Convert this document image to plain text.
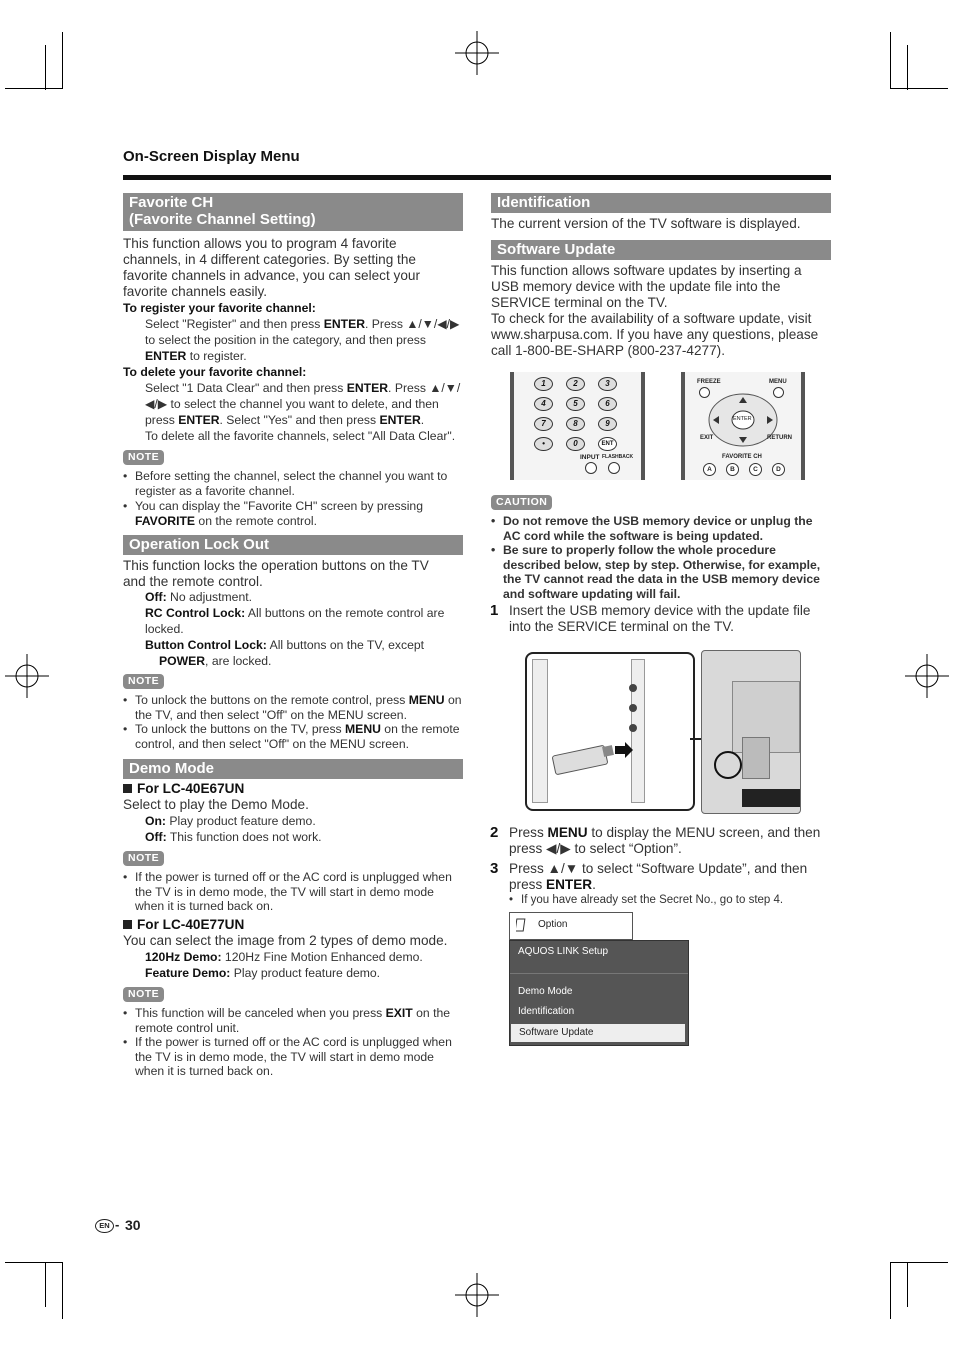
On-Screen Display Menu
Favorite CH
(Favorite Channel Setting)
This function allows you to program 4 favorite channels, in 4 different categories. By setting the favorite channels in advance, you can select your favorite channels easily.
To register your favorite channel:
Select "Register" and then press ENTER. Press ▲/▼/◀/▶ to select the position in the category, and then press ENTER to register.
To delete your favorite channel:
Select "1 Data Clear" and then press ENTER. Press ▲/▼/◀/▶ to select the channel you want to delete, and then press ENTER. Select "Yes" and then press ENTER.
To delete all the favorite channels, select "All Data Clear".
NOTE
• Before setting the channel, select the channel you want to register as a favorite channel.
• You can display the "Favorite CH" screen by pressing FAVORITE on the remote control.
Operation Lock Out
This function locks the operation buttons on the TV and the remote control.
Off: No adjustment.
RC Control Lock: All buttons on the remote control are locked.
Button Control Lock: All buttons on the TV, except
POWER, are locked.
NOTE
• To unlock the buttons on the remote control, press MENU on the TV, and then select "Off" on the MENU screen.
• To unlock the buttons on the TV, press MENU on the remote control, and then select "Off" on the MENU screen.
Demo Mode
For LC-40E67UN
Select to play the Demo Mode.
On: Play product feature demo.
Off: This function does not work.
NOTE
• If the power is turned off or the AC cord is unplugged when the TV is in demo mode, the TV will start in demo mode when it is turned back on.
For LC-40E77UN
You can select the image from 2 types of demo mode.
120Hz Demo: 120Hz Fine Motion Enhanced demo.
Feature Demo: Play product feature demo.
NOTE
• This function will be canceled when you press EXIT on the remote control unit.
• If the power is turned off or the AC cord is unplugged when the TV is in demo mode, the TV will start in demo mode when it is turned back on.
Identification
The current version of the TV software is displayed.
Software Update
This function allows software updates by inserting a USB memory device with the update file into the SERVICE terminal on the TV.
To check for the availability of a software update, visit www.sharpusa.com. If you have any questions, please call 1-800-BE-SHARP (800-237-4277).
1	2	3
4	5	6
7	8	9
•	0	ENT
INPUT FLASHBACK
FREEZE	MENU
ENTER
EXIT	RETURN
FAVORITE CH
A	B	C	D
CAUTION
• Do not remove the USB memory device or unplug the AC cord while the software is being updated.
• Be sure to properly follow the whole procedure described below, step by step. Otherwise, for example, the TV cannot read the data in the USB memory device and software updating will fail.
1 Insert the USB memory device with the update file into the SERVICE terminal on the TV.
2 Press MENU to display the MENU screen, and then press ◀/▶ to select “Option”.
3 Press ▲/▼ to select “Software Update”, and then press ENTER.
• If you have already set the Secret No., go to step 4.
Option
AQUOS LINK Setup
Demo Mode
Identification
Software Update
EN - 30
